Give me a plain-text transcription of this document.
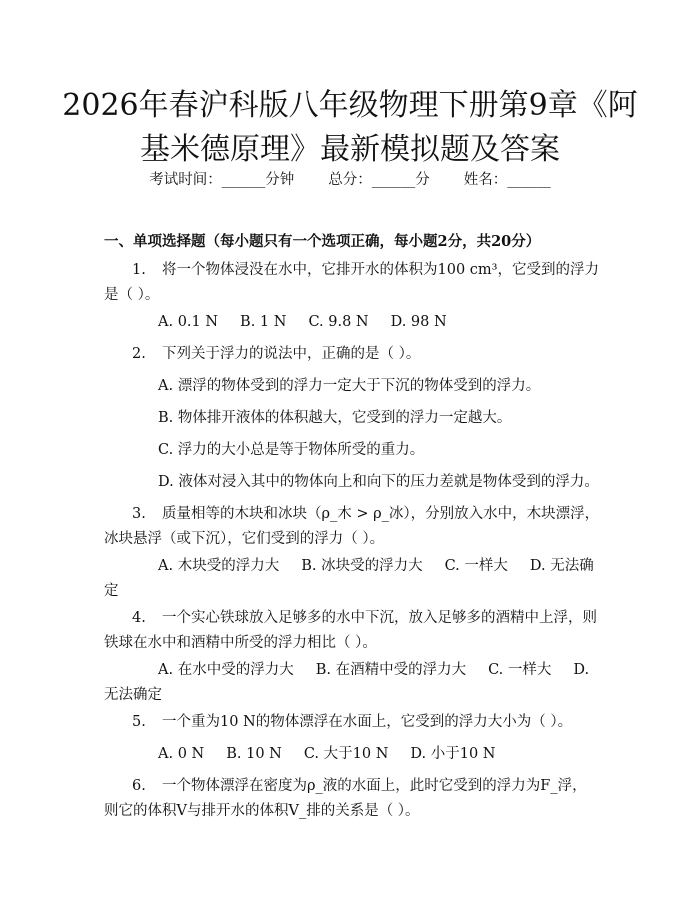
2026年春沪科版八年级物理下册第9章《阿基米德原理》最新模拟题及答案
考试时间：______分钟 总分：______分 姓名：______
一、单项选择题（每小题只有一个选项正确，每小题2分，共20分）
1. 将一个物体浸没在水中，它排开水的体积为100 cm³，它受到的浮力是（ ）。
A. 0.1 N B. 1 N C. 9.8 N D. 98 N
2. 下列关于浮力的说法中，正确的是（ ）。
A. 漂浮的物体受到的浮力一定大于下沉的物体受到的浮力。
B. 物体排开液体的体积越大，它受到的浮力一定越大。
C. 浮力的大小总是等于物体所受的重力。
D. 液体对浸入其中的物体向上和向下的压力差就是物体受到的浮力。
3. 质量相等的木块和冰块（ρ_木 > ρ_冰），分别放入水中，木块漂浮，冰块悬浮（或下沉），它们受到的浮力（ ）。
A. 木块受的浮力大 B. 冰块受的浮力大 C. 一样大 D. 无法确定
4. 一个实心铁球放入足够多的水中下沉，放入足够多的酒精中上浮，则铁球在水中和酒精中所受的浮力相比（ ）。
A. 在水中受的浮力大 B. 在酒精中受的浮力大 C. 一样大 D. 无法确定
5. 一个重为10 N的物体漂浮在水面上，它受到的浮力大小为（ ）。
A. 0 N B. 10 N C. 大于10 N D. 小于10 N
6. 一个物体漂浮在密度为ρ_液的水面上，此时它受到的浮力为F_浮，则它的体积V与排开水的体积V_排的关系是（ ）。
